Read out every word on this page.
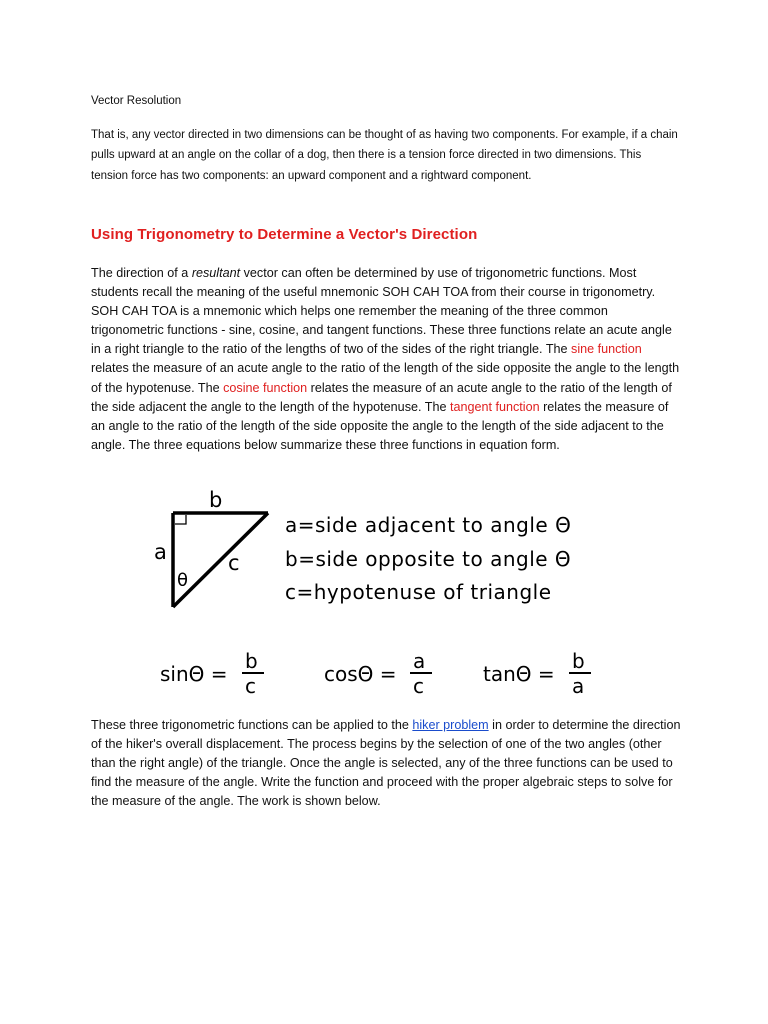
Vector Resolution
That is, any vector directed in two dimensions can be thought of as having two components. For example, if a chain pulls upward at an angle on the collar of a dog, then there is a tension force directed in two dimensions. This tension force has two components: an upward component and a rightward component.
Using Trigonometry to Determine a Vector's Direction
The direction of a resultant vector can often be determined by use of trigonometric functions. Most students recall the meaning of the useful mnemonic SOH CAH TOA from their course in trigonometry. SOH CAH TOA is a mnemonic which helps one remember the meaning of the three common trigonometric functions - sine, cosine, and tangent functions. These three functions relate an acute angle in a right triangle to the ratio of the lengths of two of the sides of the right triangle. The sine function relates the measure of an acute angle to the ratio of the length of the side opposite the angle to the length of the hypotenuse. The cosine function relates the measure of an acute angle to the ratio of the length of the side adjacent the angle to the length of the hypotenuse. The tangent function relates the measure of an angle to the ratio of the length of the side opposite the angle to the length of the side adjacent to the angle. The three equations below summarize these three functions in equation form.
These three trigonometric functions can be applied to the hiker problem in order to determine the direction of the hiker's overall displacement. The process begins by the selection of one of the two angles (other than the right angle) of the triangle. Once the angle is selected, any of the three functions can be used to find the measure of the angle. Write the function and proceed with the proper algebraic steps to solve for the measure of the angle. The work is shown below.
b
a	c
θ
a=side adjacent to angle Θ
b=side opposite to angle Θ
c=hypotenuse of triangle
sinΘ =
b
c	cosΘ =
a
c	tanΘ =
b
a
